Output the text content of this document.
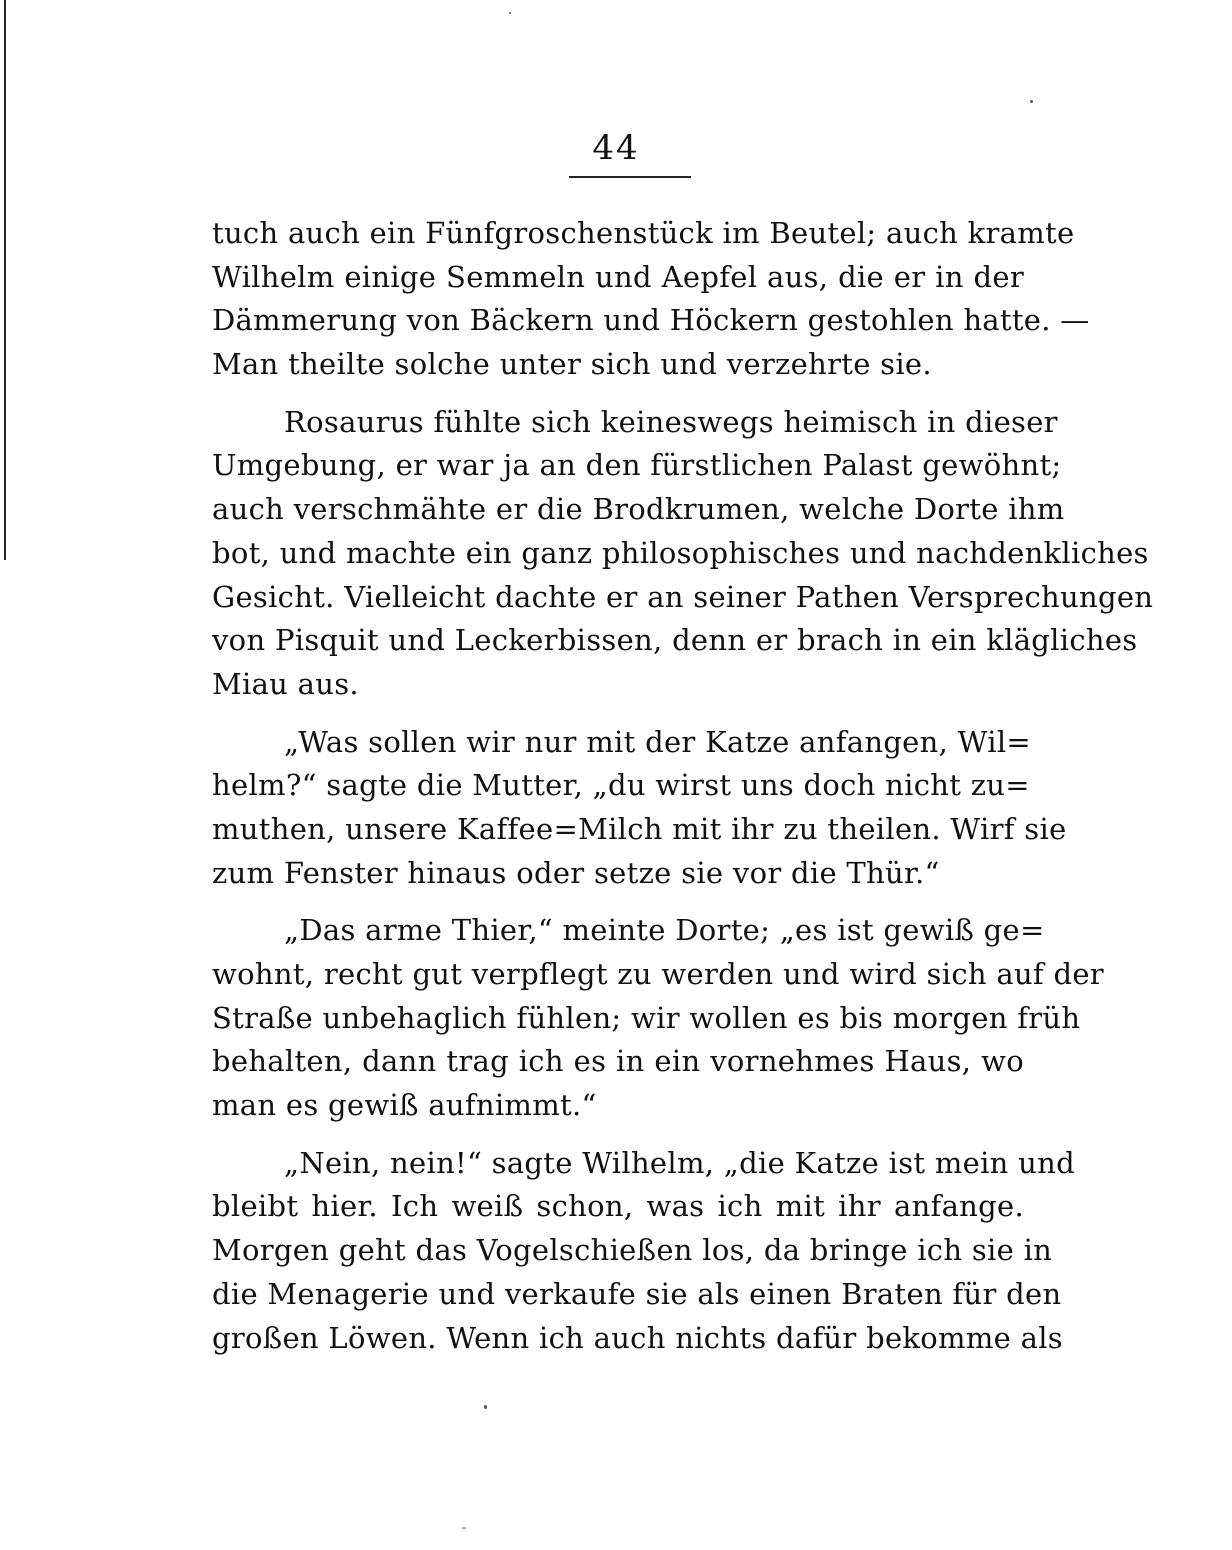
44
tuch auch ein Fünfgroschenstück im Beutel; auch kramte
Wilhelm einige Semmeln und Aepfel aus, die er in der
Dämmerung von Bäckern und Höckern gestohlen hatte. —
Man theilte solche unter sich und verzehrte sie.
Rosaurus fühlte sich keineswegs heimisch in dieser
Umgebung, er war ja an den fürstlichen Palast gewöhnt;
auch verschmähte er die Brodkrumen, welche Dorte ihm
bot, und machte ein ganz philosophisches und nachdenkliches
Gesicht. Vielleicht dachte er an seiner Pathen Versprechungen
von Pisquit und Leckerbissen, denn er brach in ein klägliches
Miau aus.
„Was sollen wir nur mit der Katze anfangen, Wil=
helm?“ sagte die Mutter, „du wirst uns doch nicht zu=
muthen, unsere Kaffee=Milch mit ihr zu theilen. Wirf sie
zum Fenster hinaus oder setze sie vor die Thür.“
„Das arme Thier,“ meinte Dorte; „es ist gewiß ge=
wohnt, recht gut verpflegt zu werden und wird sich auf der
Straße unbehaglich fühlen; wir wollen es bis morgen früh
behalten, dann trag ich es in ein vornehmes Haus, wo
man es gewiß aufnimmt.“
„Nein, nein!“ sagte Wilhelm, „die Katze ist mein und
bleibt hier. Ich weiß schon, was ich mit ihr anfange.
Morgen geht das Vogelschießen los, da bringe ich sie in
die Menagerie und verkaufe sie als einen Braten für den
großen Löwen. Wenn ich auch nichts dafür bekomme als
